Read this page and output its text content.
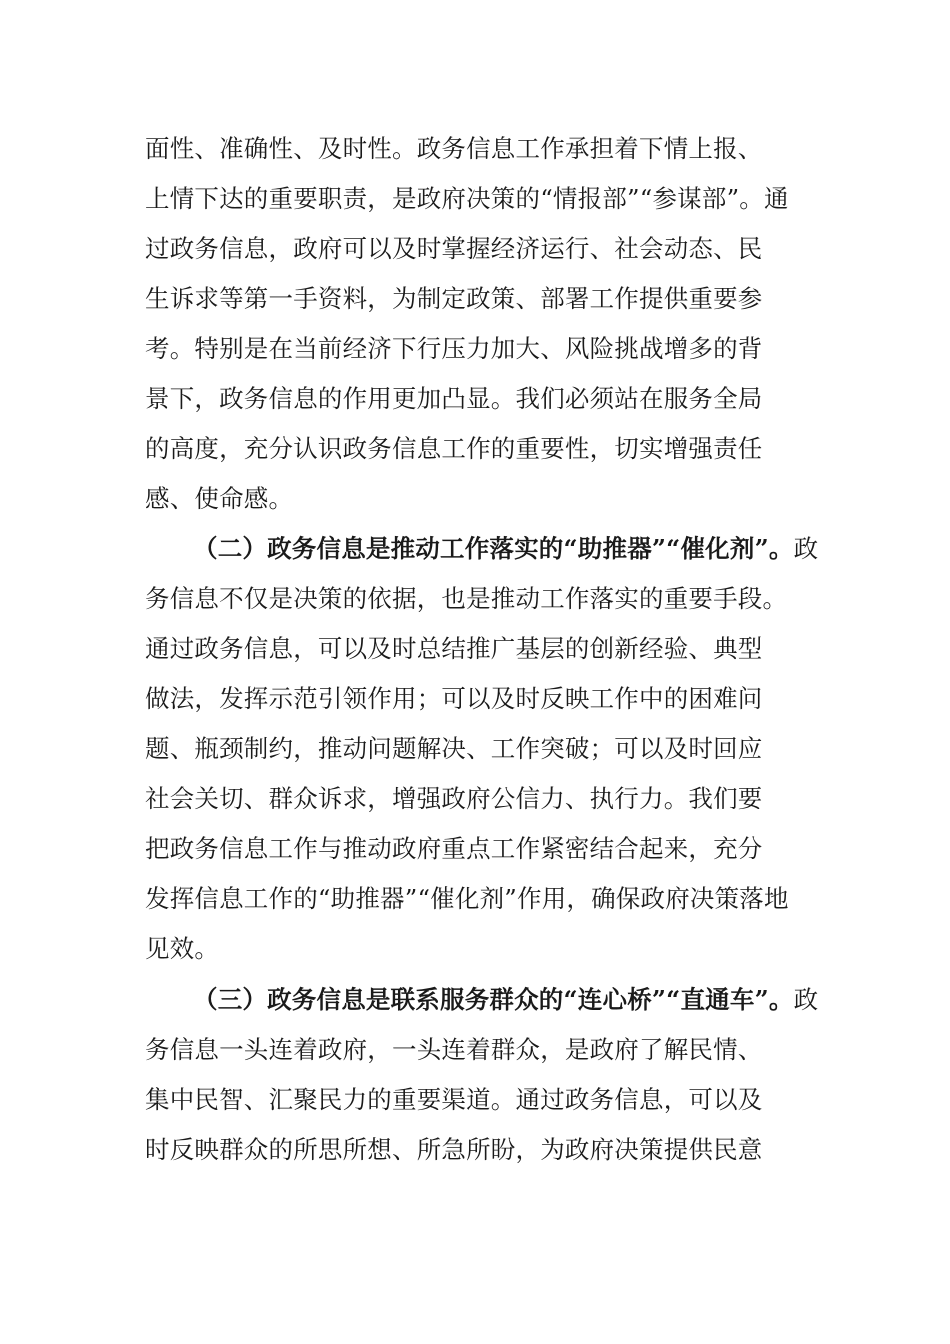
面性、准确性、及时性。政务信息工作承担着下情上报、
上情下达的重要职责，是政府决策的“情报部”“参谋部”。通
过政务信息，政府可以及时掌握经济运行、社会动态、民
生诉求等第一手资料，为制定政策、部署工作提供重要参
考。特别是在当前经济下行压力加大、风险挑战增多的背
景下，政务信息的作用更加凸显。我们必须站在服务全局
的高度，充分认识政务信息工作的重要性，切实增强责任
感、使命感。
（二）政务信息是推动工作落实的“助推器”“催化剂”。政
务信息不仅是决策的依据，也是推动工作落实的重要手段。
通过政务信息，可以及时总结推广基层的创新经验、典型
做法，发挥示范引领作用；可以及时反映工作中的困难问
题、瓶颈制约，推动问题解决、工作突破；可以及时回应
社会关切、群众诉求，增强政府公信力、执行力。我们要
把政务信息工作与推动政府重点工作紧密结合起来，充分
发挥信息工作的“助推器”“催化剂”作用，确保政府决策落地
见效。
（三）政务信息是联系服务群众的“连心桥”“直通车”。政
务信息一头连着政府，一头连着群众，是政府了解民情、
集中民智、汇聚民力的重要渠道。通过政务信息，可以及
时反映群众的所思所想、所急所盼，为政府决策提供民意
